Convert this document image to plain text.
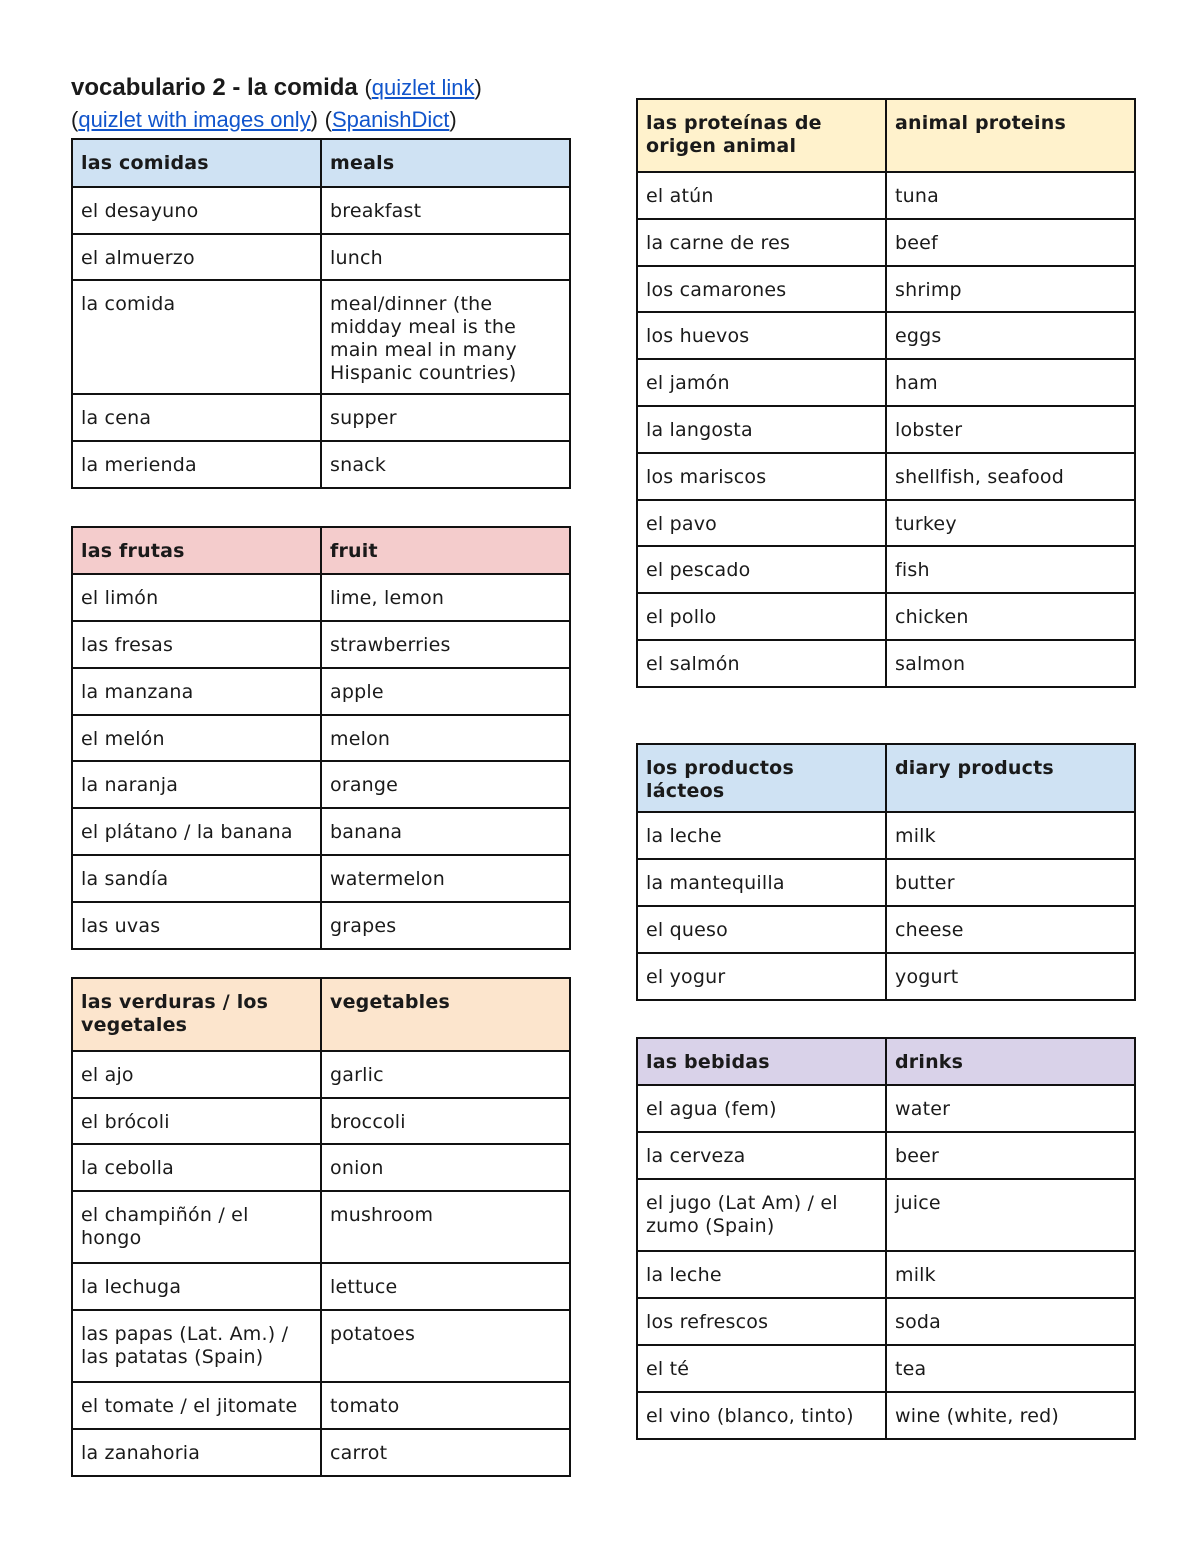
vocabulario 2 - la comida (quizlet link)
(quizlet with images only) (SpanishDict)
las comidas	meals
el desayuno	breakfast
el almuerzo	lunch
la comida	meal/dinner (the midday meal is the main meal in many Hispanic countries)
la cena	supper
la merienda	snack
las frutas	fruit
el limón	lime, lemon
las fresas	strawberries
la manzana	apple
el melón	melon
la naranja	orange
el plátano / la banana	banana
la sandía	watermelon
las uvas	grapes
las verduras / los vegetales	vegetables
el ajo	garlic
el brócoli	broccoli
la cebolla	onion
el champiñón / el hongo	mushroom
la lechuga	lettuce
las papas (Lat. Am.) / las patatas (Spain)	potatoes
el tomate / el jitomate	tomato
la zanahoria	carrot
las proteínas de origen animal	animal proteins
el atún	tuna
la carne de res	beef
los camarones	shrimp
los huevos	eggs
el jamón	ham
la langosta	lobster
los mariscos	shellfish, seafood
el pavo	turkey
el pescado	fish
el pollo	chicken
el salmón	salmon
los productos lácteos	diary products
la leche	milk
la mantequilla	butter
el queso	cheese
el yogur	yogurt
las bebidas	drinks
el agua (fem)	water
la cerveza	beer
el jugo (Lat Am) / el zumo (Spain)	juice
la leche	milk
los refrescos	soda
el té	tea
el vino (blanco, tinto)	wine (white, red)
